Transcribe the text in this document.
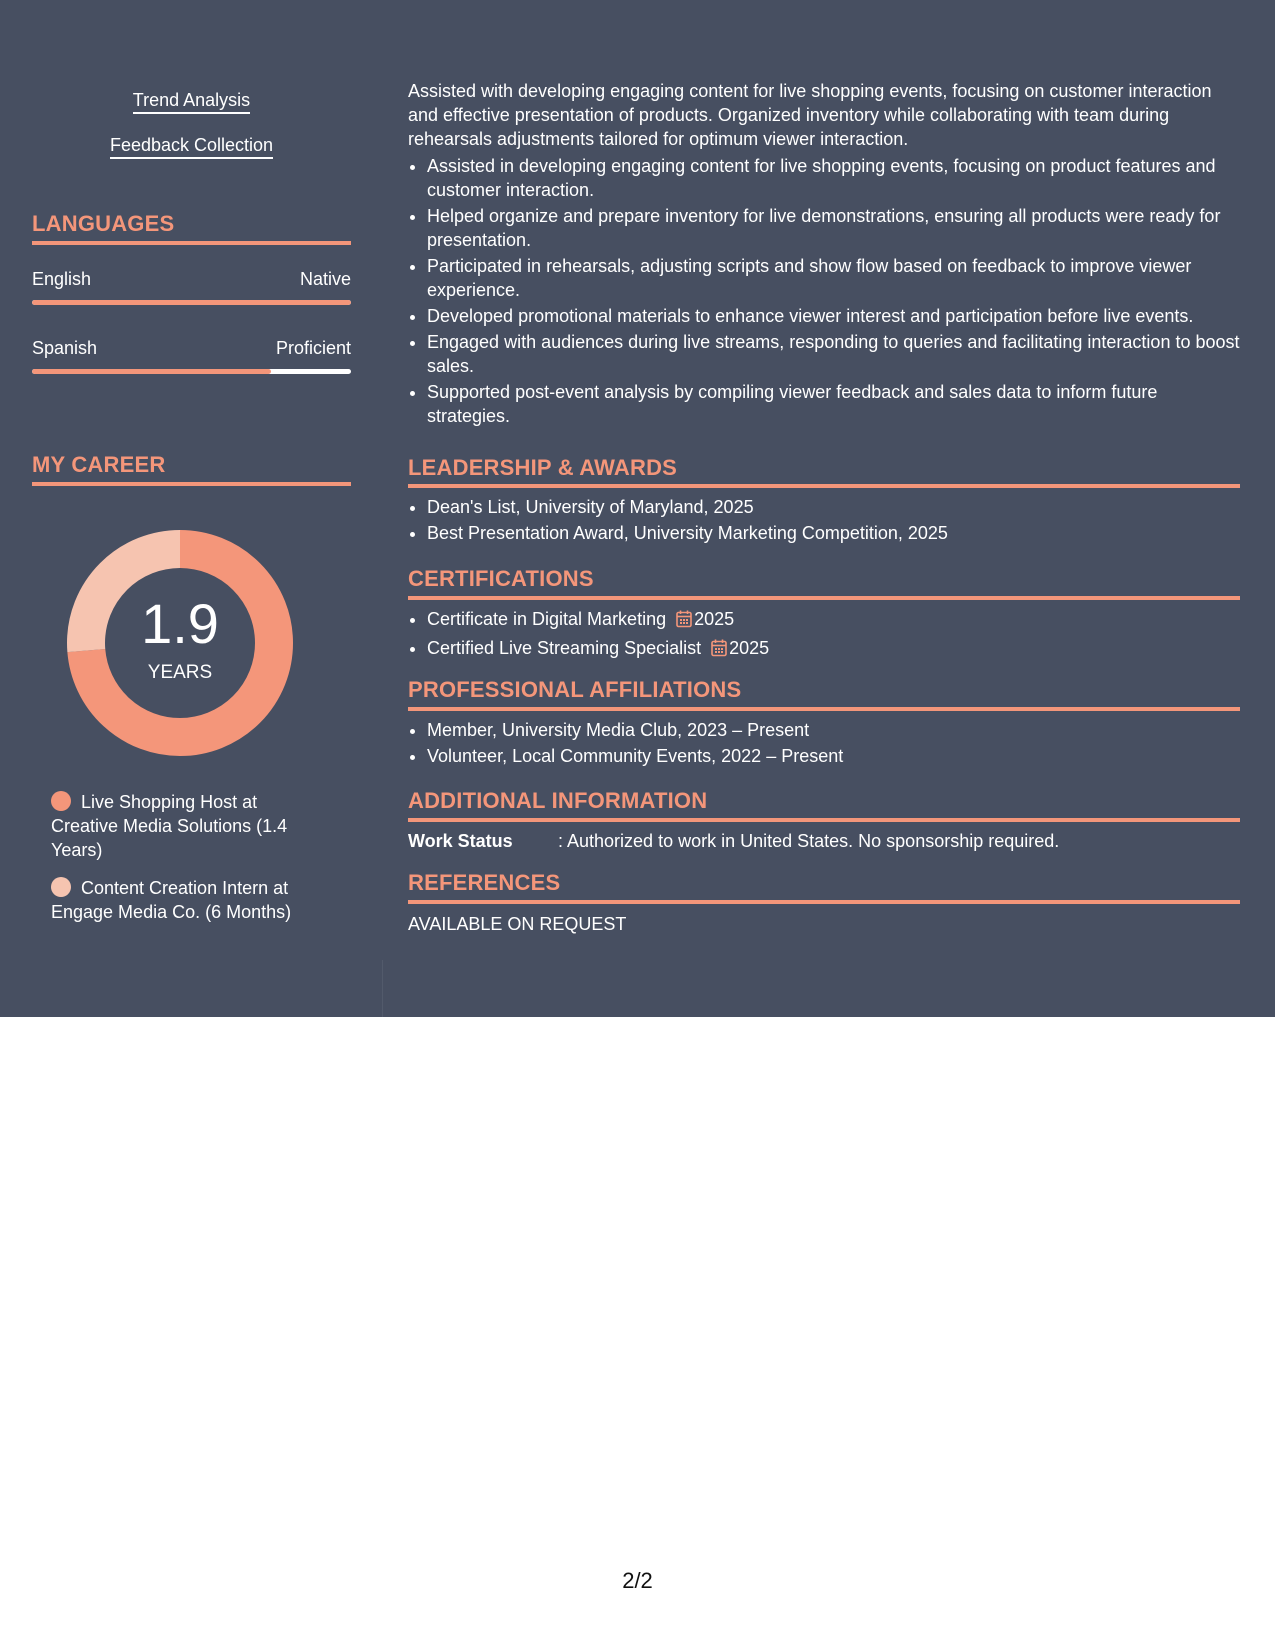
Trend Analysis
Feedback Collection
LANGUAGES
English	Native
Spanish	Proficient
MY CAREER
1.9
YEARS
Live Shopping Host at Creative Media Solutions (1.4 Years)
Content Creation Intern at Engage Media Co. (6 Months)

Assisted with developing engaging content for live shopping events, focusing on customer interaction and effective presentation of products. Organized inventory while collaborating with team during rehearsals adjustments tailored for optimum viewer interaction.

• Assisted in developing engaging content for live shopping events, focusing on product features and customer interaction.
• Helped organize and prepare inventory for live demonstrations, ensuring all products were ready for presentation.
• Participated in rehearsals, adjusting scripts and show flow based on feedback to improve viewer experience.
• Developed promotional materials to enhance viewer interest and participation before live events.
• Engaged with audiences during live streams, responding to queries and facilitating interaction to boost sales.
• Supported post-event analysis by compiling viewer feedback and sales data to inform future strategies.
LEADERSHIP & AWARDS
• Dean's List, University of Maryland, 2025
• Best Presentation Award, University Marketing Competition, 2025
CERTIFICATIONS
• Certificate in Digital Marketing 2025
• Certified Live Streaming Specialist 2025
PROFESSIONAL AFFILIATIONS
• Member, University Media Club, 2023 – Present
• Volunteer, Local Community Events, 2022 – Present
ADDITIONAL INFORMATION
Work Status	: Authorized to work in United States. No sponsorship required.
REFERENCES
AVAILABLE ON REQUEST
2/2
